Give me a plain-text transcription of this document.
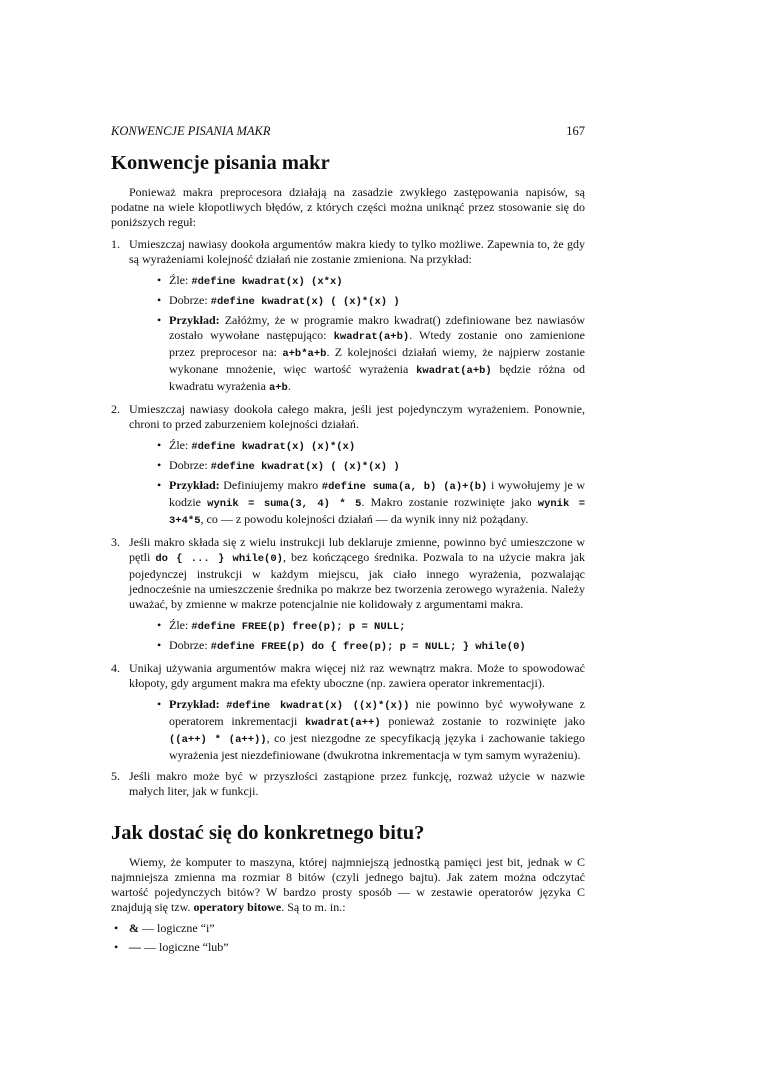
KONWENCJE PISANIA MAKR	167
Konwencje pisania makr

Ponieważ makra preprocesora działają na zasadzie zwykłego zastępowania napisów, są podatne na wiele kłopotliwych błędów, z których części można uniknąć przez stosowanie się do poniższych reguł:

1. Umieszczaj nawiasy dookoła argumentów makra kiedy to tylko możliwe. Zapewnia to, że gdy są wyrażeniami kolejność działań nie zostanie zmieniona. Na przykład:
• Źle: #define kwadrat(x) (x*x)
• Dobrze: #define kwadrat(x) ( (x)*(x) )
• Przykład: Załóżmy, że w programie makro kwadrat() zdefiniowane bez nawiasów zostało wywołane następująco: kwadrat(a+b). Wtedy zostanie ono zamienione przez preprocesor na: a+b*a+b. Z kolejności działań wiemy, że najpierw zostanie wykonane mnożenie, więc wartość wyrażenia kwadrat(a+b) będzie różna od kwadratu wyrażenia a+b.
2. Umieszczaj nawiasy dookoła całego makra, jeśli jest pojedynczym wyrażeniem. Ponownie, chroni to przed zaburzeniem kolejności działań.
• Źle: #define kwadrat(x) (x)*(x)
• Dobrze: #define kwadrat(x) ( (x)*(x) )
• Przykład: Definiujemy makro #define suma(a, b) (a)+(b) i wywołujemy je w kodzie wynik = suma(3, 4) * 5. Makro zostanie rozwinięte jako wynik = 3+4*5, co — z powodu kolejności działań — da wynik inny niż pożądany.
3. Jeśli makro składa się z wielu instrukcji lub deklaruje zmienne, powinno być umieszczone w pętli do { ... } while(0), bez kończącego średnika. Pozwala to na użycie makra jak pojedynczej instrukcji w każdym miejscu, jak ciało innego wyrażenia, pozwalając jednocześnie na umieszczenie średnika po makrze bez tworzenia zerowego wyrażenia. Należy uważać, by zmienne w makrze potencjalnie nie kolidowały z argumentami makra.
• Źle: #define FREE(p) free(p); p = NULL;
• Dobrze: #define FREE(p) do { free(p); p = NULL; } while(0)
4. Unikaj używania argumentów makra więcej niż raz wewnątrz makra. Może to spowodować kłopoty, gdy argument makra ma efekty uboczne (np. zawiera operator inkrementacji).
• Przykład: #define kwadrat(x) ((x)*(x)) nie powinno być wywoływane z operatorem inkrementacji kwadrat(a++) ponieważ zostanie to rozwinięte jako ((a++) * (a++)), co jest niezgodne ze specyfikacją języka i zachowanie takiego wyrażenia jest niezdefiniowane (dwukrotna inkrementacja w tym samym wyrażeniu).
5. Jeśli makro może być w przyszłości zastąpione przez funkcję, rozważ użycie w nazwie małych liter, jak w funkcji.
Jak dostać się do konkretnego bitu?

Wiemy, że komputer to maszyna, której najmniejszą jednostką pamięci jest bit, jednak w C najmniejsza zmienna ma rozmiar 8 bitów (czyli jednego bajtu). Jak zatem można odczytać wartość pojedynczych bitów? W bardzo prosty sposób — w zestawie operatorów języka C znajdują się tzw. operatory bitowe. Są to m. in.:

• & — logiczne “i”
• — — logiczne “lub”
